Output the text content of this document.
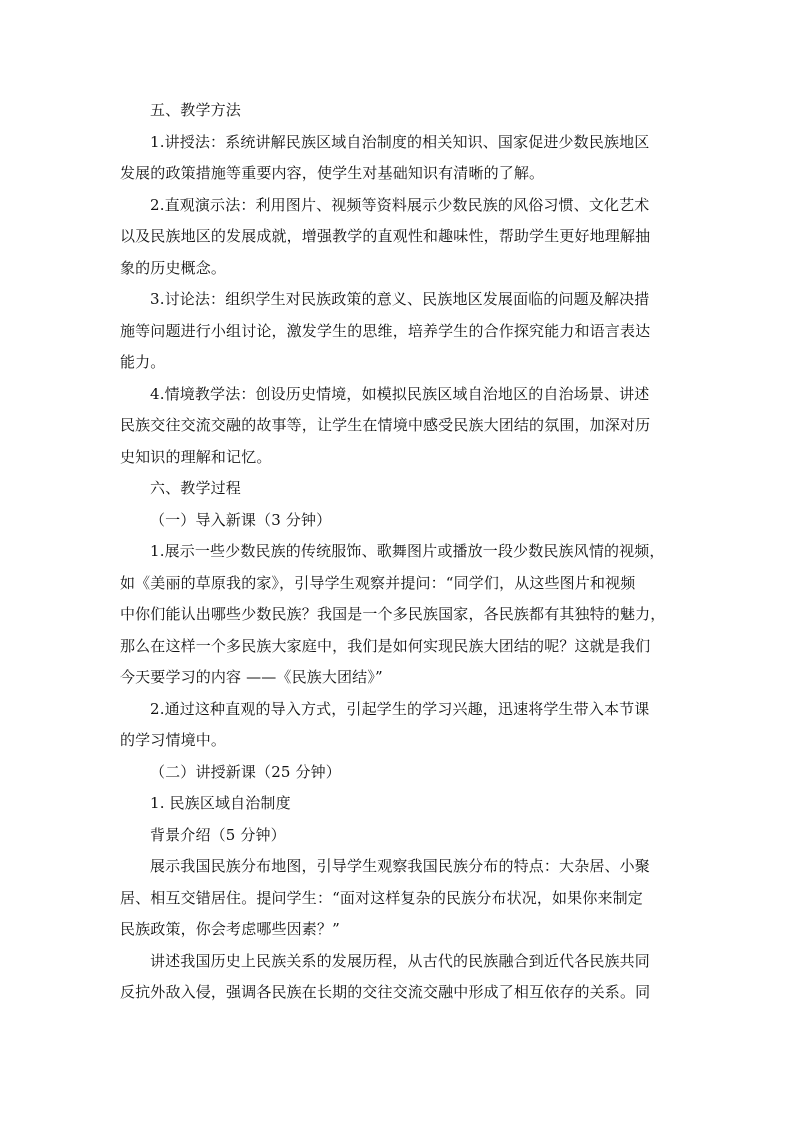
五、教学方法

1.讲授法：系统讲解民族区域自治制度的相关知识、国家促进少数民族地区

发展的政策措施等重要内容，使学生对基础知识有清晰的了解。

2.直观演示法：利用图片、视频等资料展示少数民族的风俗习惯、文化艺术

以及民族地区的发展成就，增强教学的直观性和趣味性，帮助学生更好地理解抽

象的历史概念。

3.讨论法：组织学生对民族政策的意义、民族地区发展面临的问题及解决措

施等问题进行小组讨论，激发学生的思维，培养学生的合作探究能力和语言表达

能力。

4.情境教学法：创设历史情境，如模拟民族区域自治地区的自治场景、讲述

民族交往交流交融的故事等，让学生在情境中感受民族大团结的氛围，加深对历

史知识的理解和记忆。

六、教学过程

（一）导入新课（3 分钟）

1.展示一些少数民族的传统服饰、歌舞图片或播放一段少数民族风情的视频，

如《美丽的草原我的家》，引导学生观察并提问：“同学们，从这些图片和视频

中你们能认出哪些少数民族？我国是一个多民族国家，各民族都有其独特的魅力，

那么在这样一个多民族大家庭中，我们是如何实现民族大团结的呢？这就是我们

今天要学习的内容 ——《民族大团结》”

2.通过这种直观的导入方式，引起学生的学习兴趣，迅速将学生带入本节课

的学习情境中。

（二）讲授新课（25 分钟）

1. 民族区域自治制度

背景介绍（5 分钟）

展示我国民族分布地图，引导学生观察我国民族分布的特点：大杂居、小聚

居、相互交错居住。提问学生：“面对这样复杂的民族分布状况，如果你来制定

民族政策，你会考虑哪些因素？”

讲述我国历史上民族关系的发展历程，从古代的民族融合到近代各民族共同

反抗外敌入侵，强调各民族在长期的交往交流交融中形成了相互依存的关系。同
